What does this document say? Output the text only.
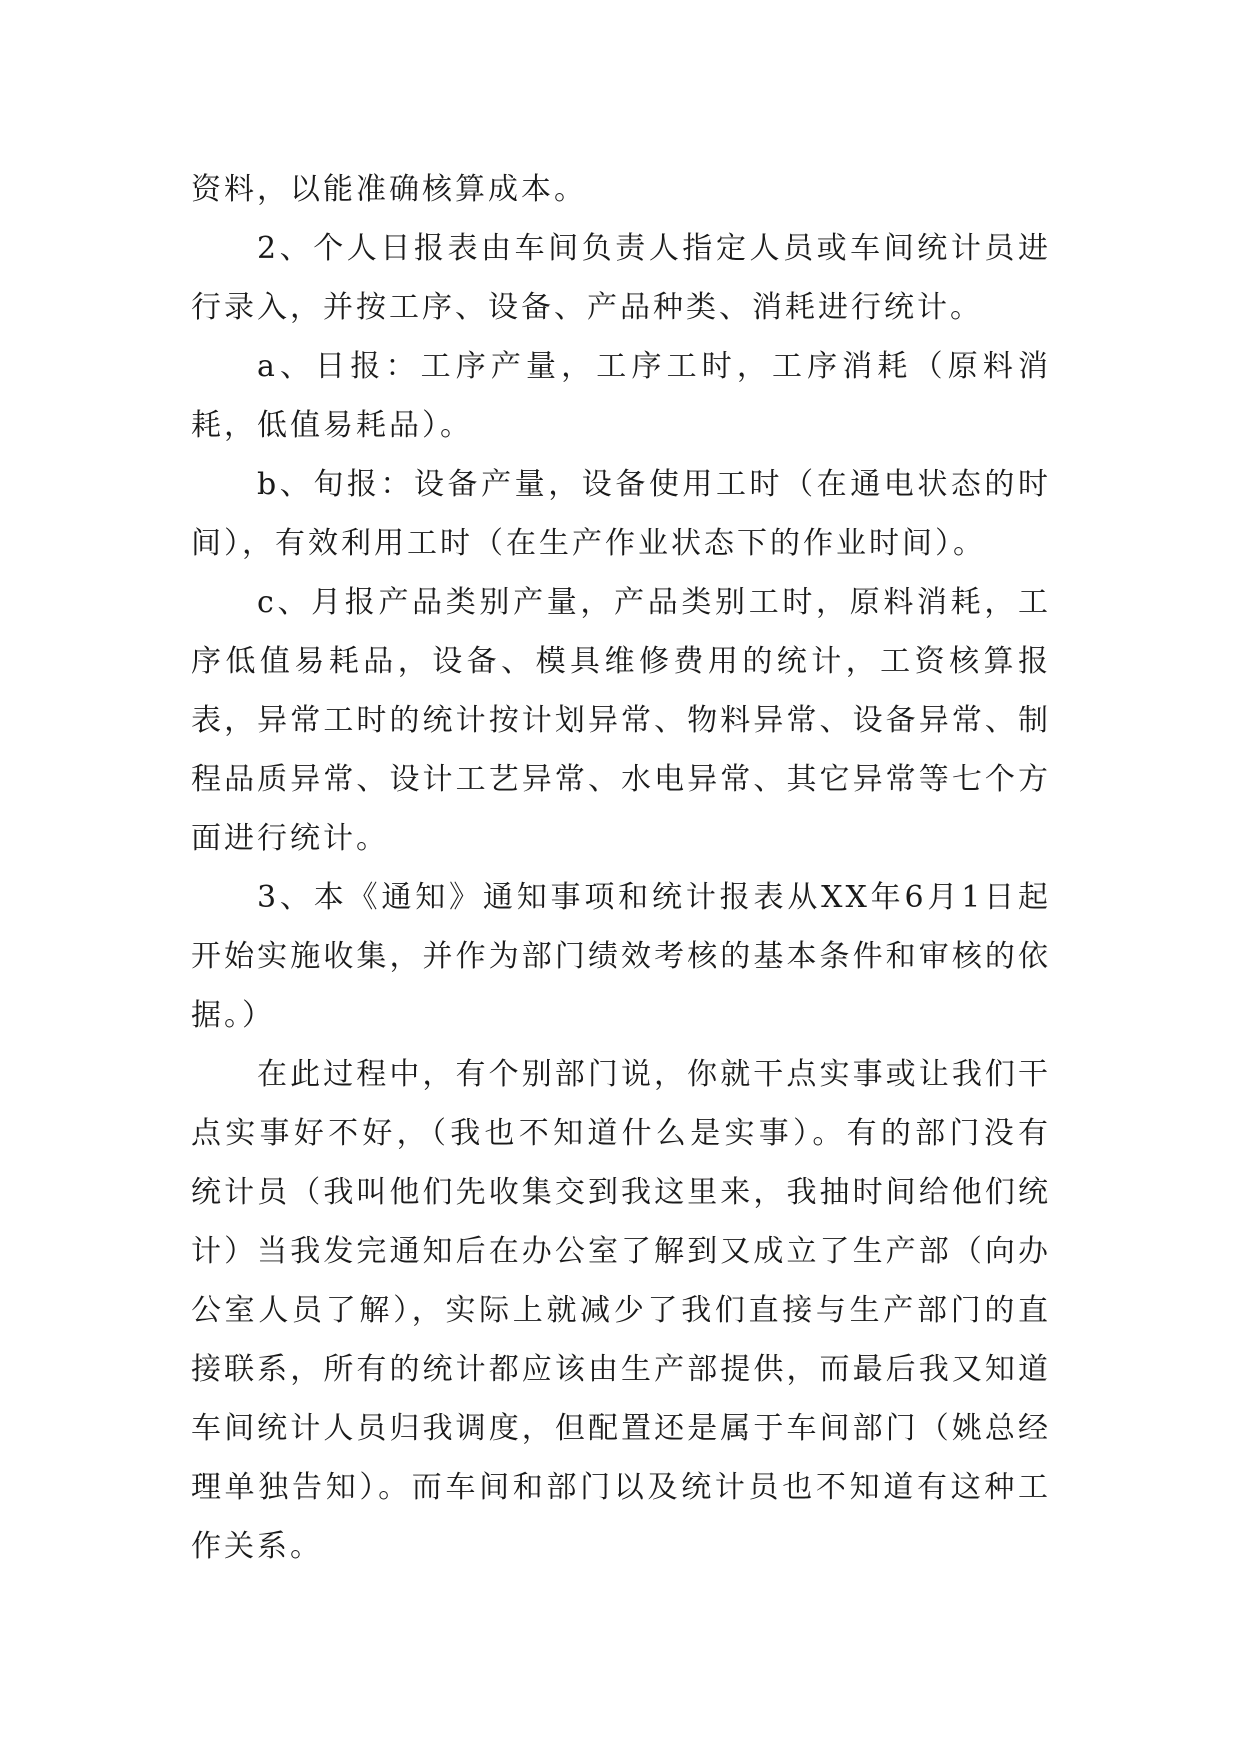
资料，以能准确核算成本。

2、个人日报表由车间负责人指定人员或车间统计员进行录入，并按工序、设备、产品种类、消耗进行统计。

a、日报：工序产量，工序工时，工序消耗（原料消耗，低值易耗品）。

b、旬报：设备产量，设备使用工时（在通电状态的时间），有效利用工时（在生产作业状态下的作业时间）。

c、月报产品类别产量，产品类别工时，原料消耗，工序低值易耗品，设备、模具维修费用的统计，工资核算报表，异常工时的统计按计划异常、物料异常、设备异常、制程品质异常、设计工艺异常、水电异常、其它异常等七个方面进行统计。

3、本《通知》通知事项和统计报表从XX年6月1日起开始实施收集，并作为部门绩效考核的基本条件和审核的依据。）

在此过程中，有个别部门说，你就干点实事或让我们干点实事好不好，（我也不知道什么是实事）。有的部门没有统计员（我叫他们先收集交到我这里来，我抽时间给他们统计）当我发完通知后在办公室了解到又成立了生产部（向办公室人员了解），实际上就减少了我们直接与生产部门的直接联系，所有的统计都应该由生产部提供，而最后我又知道车间统计人员归我调度，但配置还是属于车间部门（姚总经理单独告知）。而车间和部门以及统计员也不知道有这种工作关系。
